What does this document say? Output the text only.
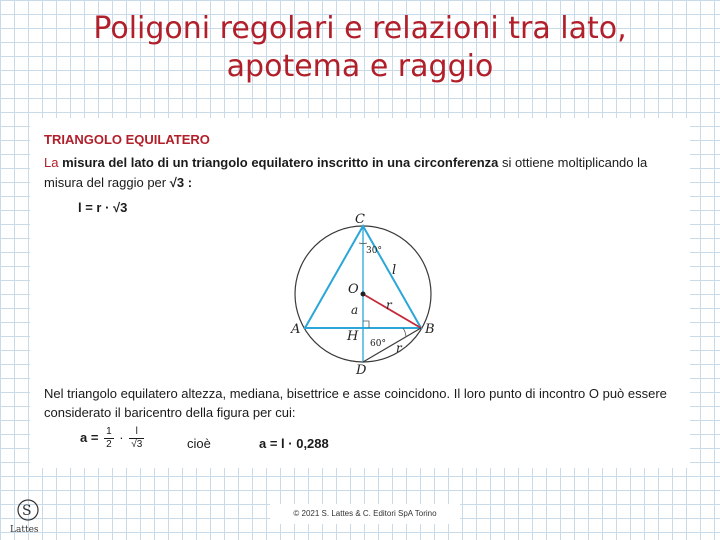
Poligoni regolari e relazioni tra lato,
apotema e raggio
TRIANGOLO EQUILATERO
La misura del lato di un triangolo equilatero inscritto in una circonferenza si ottiene moltiplicando la misura del raggio per √3 :
l = r · √3
C
A	B
O
H
D
l
r
r
a
30°
60°
Nel triangolo equilatero altezza, mediana, bisettrice e asse coincidono. Il loro punto di incontro O può essere considerato il baricentro della figura per cui:
$a = \frac{1}{2} \cdot \frac{l}{√3}$	cioè	a = l · 0,288
S
Lattes
© 2021 S. Lattes & C. Editori SpA Torino
